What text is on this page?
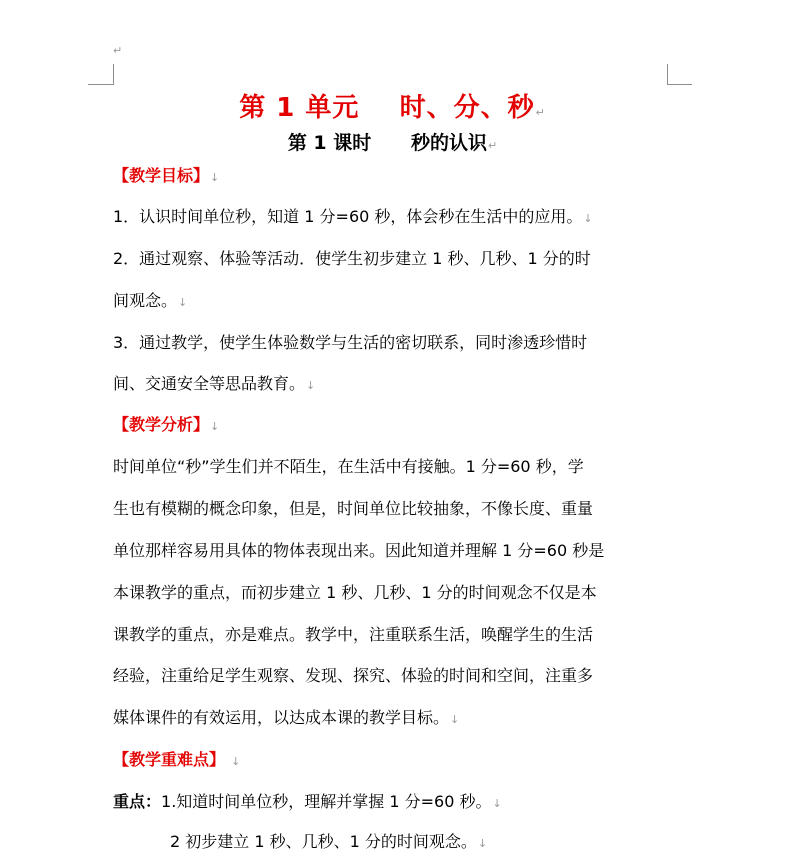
↵
第 1 单元    时、分、秒↵
第 1 课时      秒的认识↵
【教学目标】↓
1．认识时间单位秒，知道 1 分=60 秒，体会秒在生活中的应用。↓
2．通过观察、体验等活动．使学生初步建立 1 秒、几秒、1 分的时
间观念。↓
3．通过教学，使学生体验数学与生活的密切联系，同时渗透珍惜时
间、交通安全等思品教育。↓
【教学分析】↓
时间单位“秒”学生们并不陌生，在生活中有接触。1 分=60 秒，学
生也有模糊的概念印象，但是，时间单位比较抽象，不像长度、重量
单位那样容易用具体的物体表现出来。因此知道并理解 1 分=60 秒是
本课教学的重点，而初步建立 1 秒、几秒、1 分的时间观念不仅是本
课教学的重点，亦是难点。教学中，注重联系生活，唤醒学生的生活
经验，注重给足学生观察、发现、探究、体验的时间和空间，注重多
媒体课件的有效运用，以达成本课的教学目标。↓
【教学重难点】 ↓
重点：1.知道时间单位秒，理解并掌握 1 分=60 秒。↓
2 初步建立 1 秒、几秒、1 分的时间观念。↓
